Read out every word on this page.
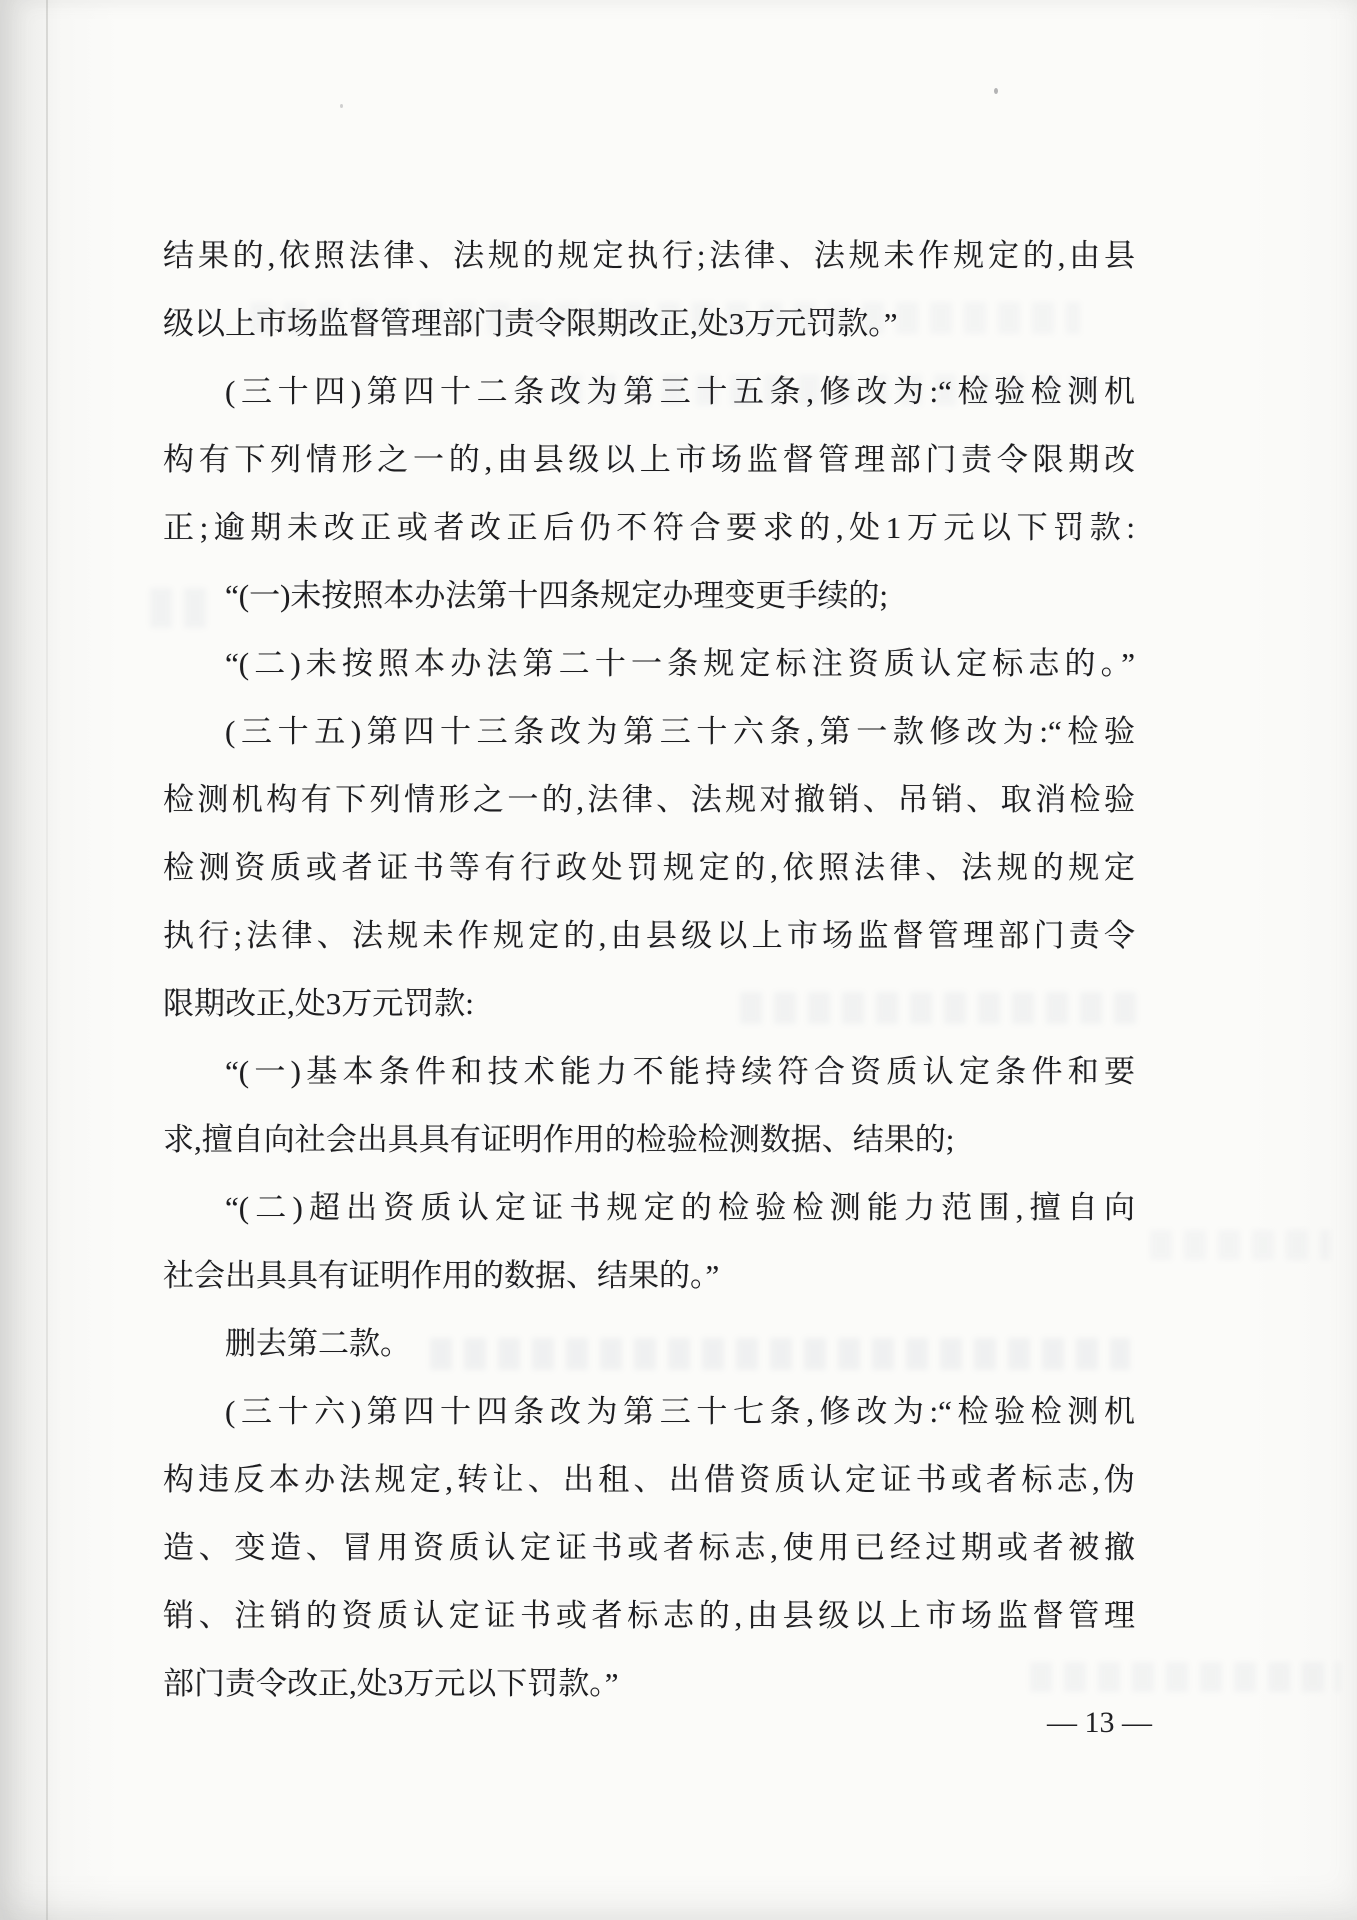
结果的,依照法律、法规的规定执行;法律、法规未作规定的,由县
级以上市场监督管理部门责令限期改正,处3万元罚款。”
(三十四)第四十二条改为第三十五条,修改为:“检验检测机
构有下列情形之一的,由县级以上市场监督管理部门责令限期改
正;逾期未改正或者改正后仍不符合要求的,处1万元以下罚款:
“(一)未按照本办法第十四条规定办理变更手续的;
“(二)未按照本办法第二十一条规定标注资质认定标志的。”
(三十五)第四十三条改为第三十六条,第一款修改为:“检验
检测机构有下列情形之一的,法律、法规对撤销、吊销、取消检验
检测资质或者证书等有行政处罚规定的,依照法律、法规的规定
执行;法律、法规未作规定的,由县级以上市场监督管理部门责令
限期改正,处3万元罚款:
“(一)基本条件和技术能力不能持续符合资质认定条件和要
求,擅自向社会出具具有证明作用的检验检测数据、结果的;
“(二)超出资质认定证书规定的检验检测能力范围,擅自向
社会出具具有证明作用的数据、结果的。”
删去第二款。
(三十六)第四十四条改为第三十七条,修改为:“检验检测机
构违反本办法规定,转让、出租、出借资质认定证书或者标志,伪
造、变造、冒用资质认定证书或者标志,使用已经过期或者被撤
销、注销的资质认定证书或者标志的,由县级以上市场监督管理
部门责令改正,处3万元以下罚款。”
— 13 —
